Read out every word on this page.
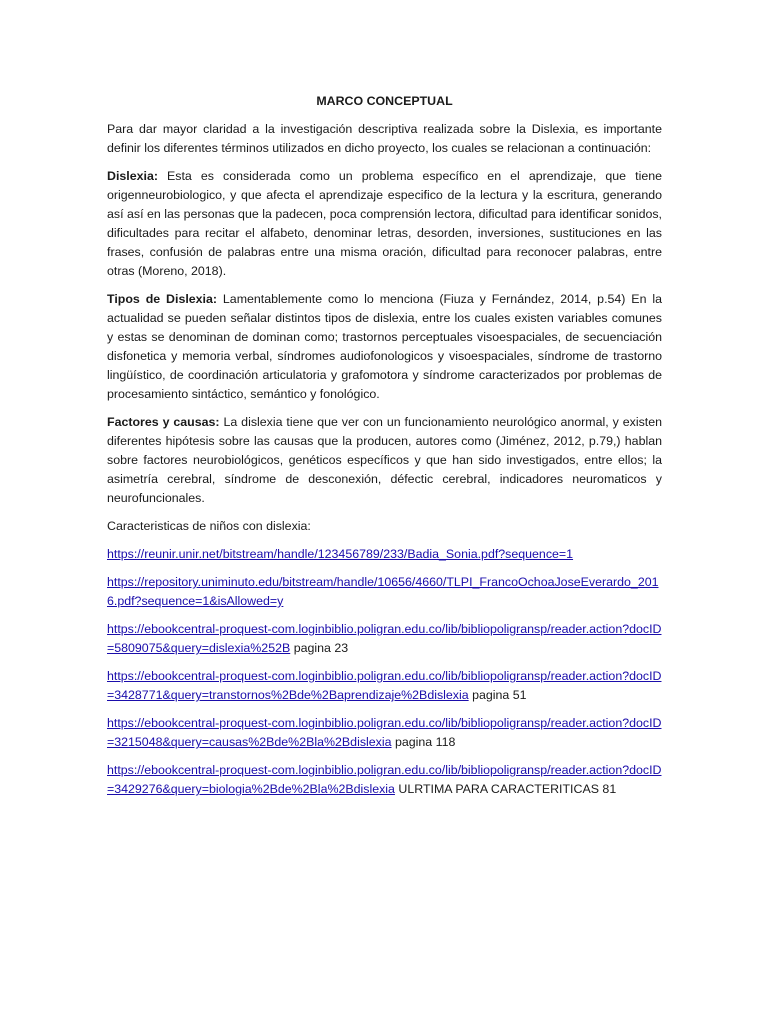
MARCO CONCEPTUAL

Para dar mayor claridad a la investigación descriptiva realizada sobre la Dislexia, es importante definir los diferentes términos utilizados en dicho proyecto, los cuales se relacionan a continuación:

Dislexia: Esta es considerada como un problema específico en el aprendizaje, que tiene origenneurobiologico, y que afecta el aprendizaje especifico de la lectura y la escritura, generando así así en las personas que la padecen, poca comprensión lectora, dificultad para identificar sonidos, dificultades para recitar el alfabeto, denominar letras, desorden, inversiones, sustituciones en las frases, confusión de palabras entre una misma oración, dificultad para reconocer palabras, entre otras (Moreno, 2018).

Tipos de Dislexia: Lamentablemente como lo menciona (Fiuza y Fernández, 2014, p.54) En la actualidad se pueden señalar distintos tipos de dislexia, entre los cuales existen variables comunes y estas se denominan de dominan como; trastornos perceptuales visoespaciales, de secuenciación disfonetica y memoria verbal, síndromes audiofonologicos y visoespaciales, síndrome de trastorno lingüístico, de coordinación articulatoria y grafomotora y síndrome caracterizados por problemas de procesamiento sintáctico, semántico y fonológico.

Factores y causas: La dislexia tiene que ver con un funcionamiento neurológico anormal, y existen diferentes hipótesis sobre las causas que la producen, autores como (Jiménez, 2012, p.79,) hablan sobre factores neurobiológicos, genéticos específicos y que han sido investigados, entre ellos; la asimetría cerebral, síndrome de desconexión, défectic cerebral, indicadores neuromaticos y neurofuncionales.

Caracteristicas de niños con dislexia:

https://reunir.unir.net/bitstream/handle/123456789/233/Badia_Sonia.pdf?sequence=1
https://repository.uniminuto.edu/bitstream/handle/10656/4660/TLPI_FrancoOchoaJoseEverardo_2016.pdf?sequence=1&isAllowed=y
https://ebookcentral-proquest-com.loginbiblio.poligran.edu.co/lib/bibliopoligransp/reader.action?docID=5809075&query=dislexia%252B pagina 23
https://ebookcentral-proquest-com.loginbiblio.poligran.edu.co/lib/bibliopoligransp/reader.action?docID=3428771&query=transtornos%2Bde%2Baprendizaje%2Bdislexia pagina 51
https://ebookcentral-proquest-com.loginbiblio.poligran.edu.co/lib/bibliopoligransp/reader.action?docID=3215048&query=causas%2Bde%2Bla%2Bdislexia pagina 118
https://ebookcentral-proquest-com.loginbiblio.poligran.edu.co/lib/bibliopoligransp/reader.action?docID=3429276&query=biologia%2Bde%2Bla%2Bdislexia ULRTIMA PARA CARACTERITICAS 81
